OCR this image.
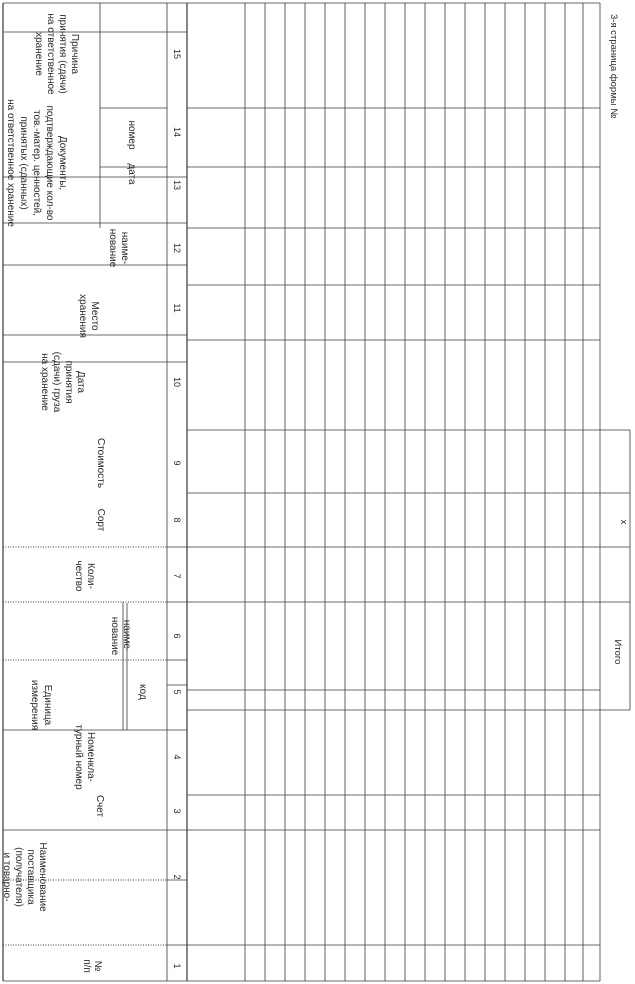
3-я страница формы №
№п/п
Наименованиепоставщика(получателя)и товарно-
Счет
Номенкла-турный номер
Единицаизмерения	код
наиме-нование
Коли-чество
Сорт
Стоимость
Датапринятия(сдачи) грузана хранение
Местохранения
Документы,подтверждающие кол-вотов.-матер. ценностей,принятых (сданных)на ответственное хранение
наиме-нование
дата
номер
Причинапринятия (сдачи)на ответственноехранение
1
2
3
4
5
6
7
8
9
10
11
12
13
14
15
Итого
x
